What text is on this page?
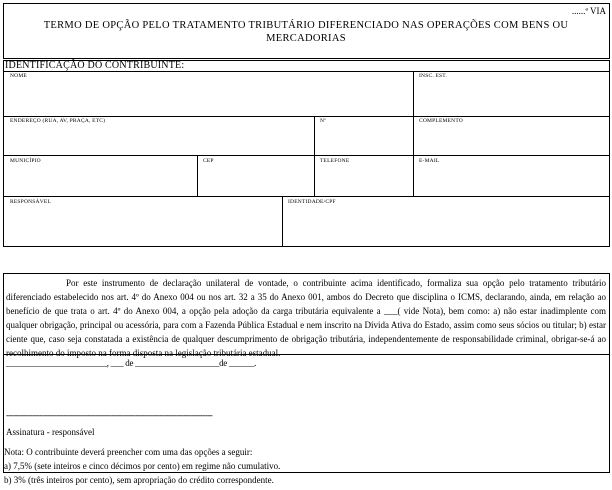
......ª VIA
TERMO DE OPÇÃO PELO TRATAMENTO TRIBUTÁRIO DIFERENCIADO NAS OPERAÇÕES COM BENS OU MERCADORIAS
IDENTIFICAÇÃO DO CONTRIBUINTE:
NOME	INSC. EST.
ENDEREÇO (RUA, AV, PRAÇA, ETC)	Nº	COMPLEMENTO
MUNICÍPIO	CEP	TELEFONE	E-MAIL
RESPONSÁVEL	IDENTIDADE/CPF

Por este instrumento de declaração unilateral de vontade, o contribuinte acima identificado, formaliza sua opção pelo tratamento tributário diferenciado estabelecido nos art. 4º do Anexo 004 ou nos art. 32 a 35 do Anexo 001, ambos do Decreto que disciplina o ICMS, declarando, ainda, em relação ao benefício de que trata o art. 4º do Anexo 004, a opção pela adoção da carga tributária equivalente a ___( vide Nota), bem como: a) não estar inadimplente com qualquer obrigação, principal ou acessória, para com a Fazenda Pública Estadual e nem inscrito na Dívida Ativa do Estado, assim como seus sócios ou titular; b) estar ciente que, caso seja constatada a existência de qualquer descumprimento de obrigação tributária, independentemente de responsabilidade criminal, obrigar-se-á ao recolhimento do imposto na forma disposta na legislação tributária estadual.

________________________, ___ de ____________________de ______.
--------------------------------------------------------------------------------------
Assinatura - responsável
Nota: O contribuinte deverá preencher com uma das opções a seguir:
a) 7,5% (sete inteiros e cinco décimos por cento) em regime não cumulativo.
b) 3% (três inteiros por cento), sem apropriação do crédito correspondente.
